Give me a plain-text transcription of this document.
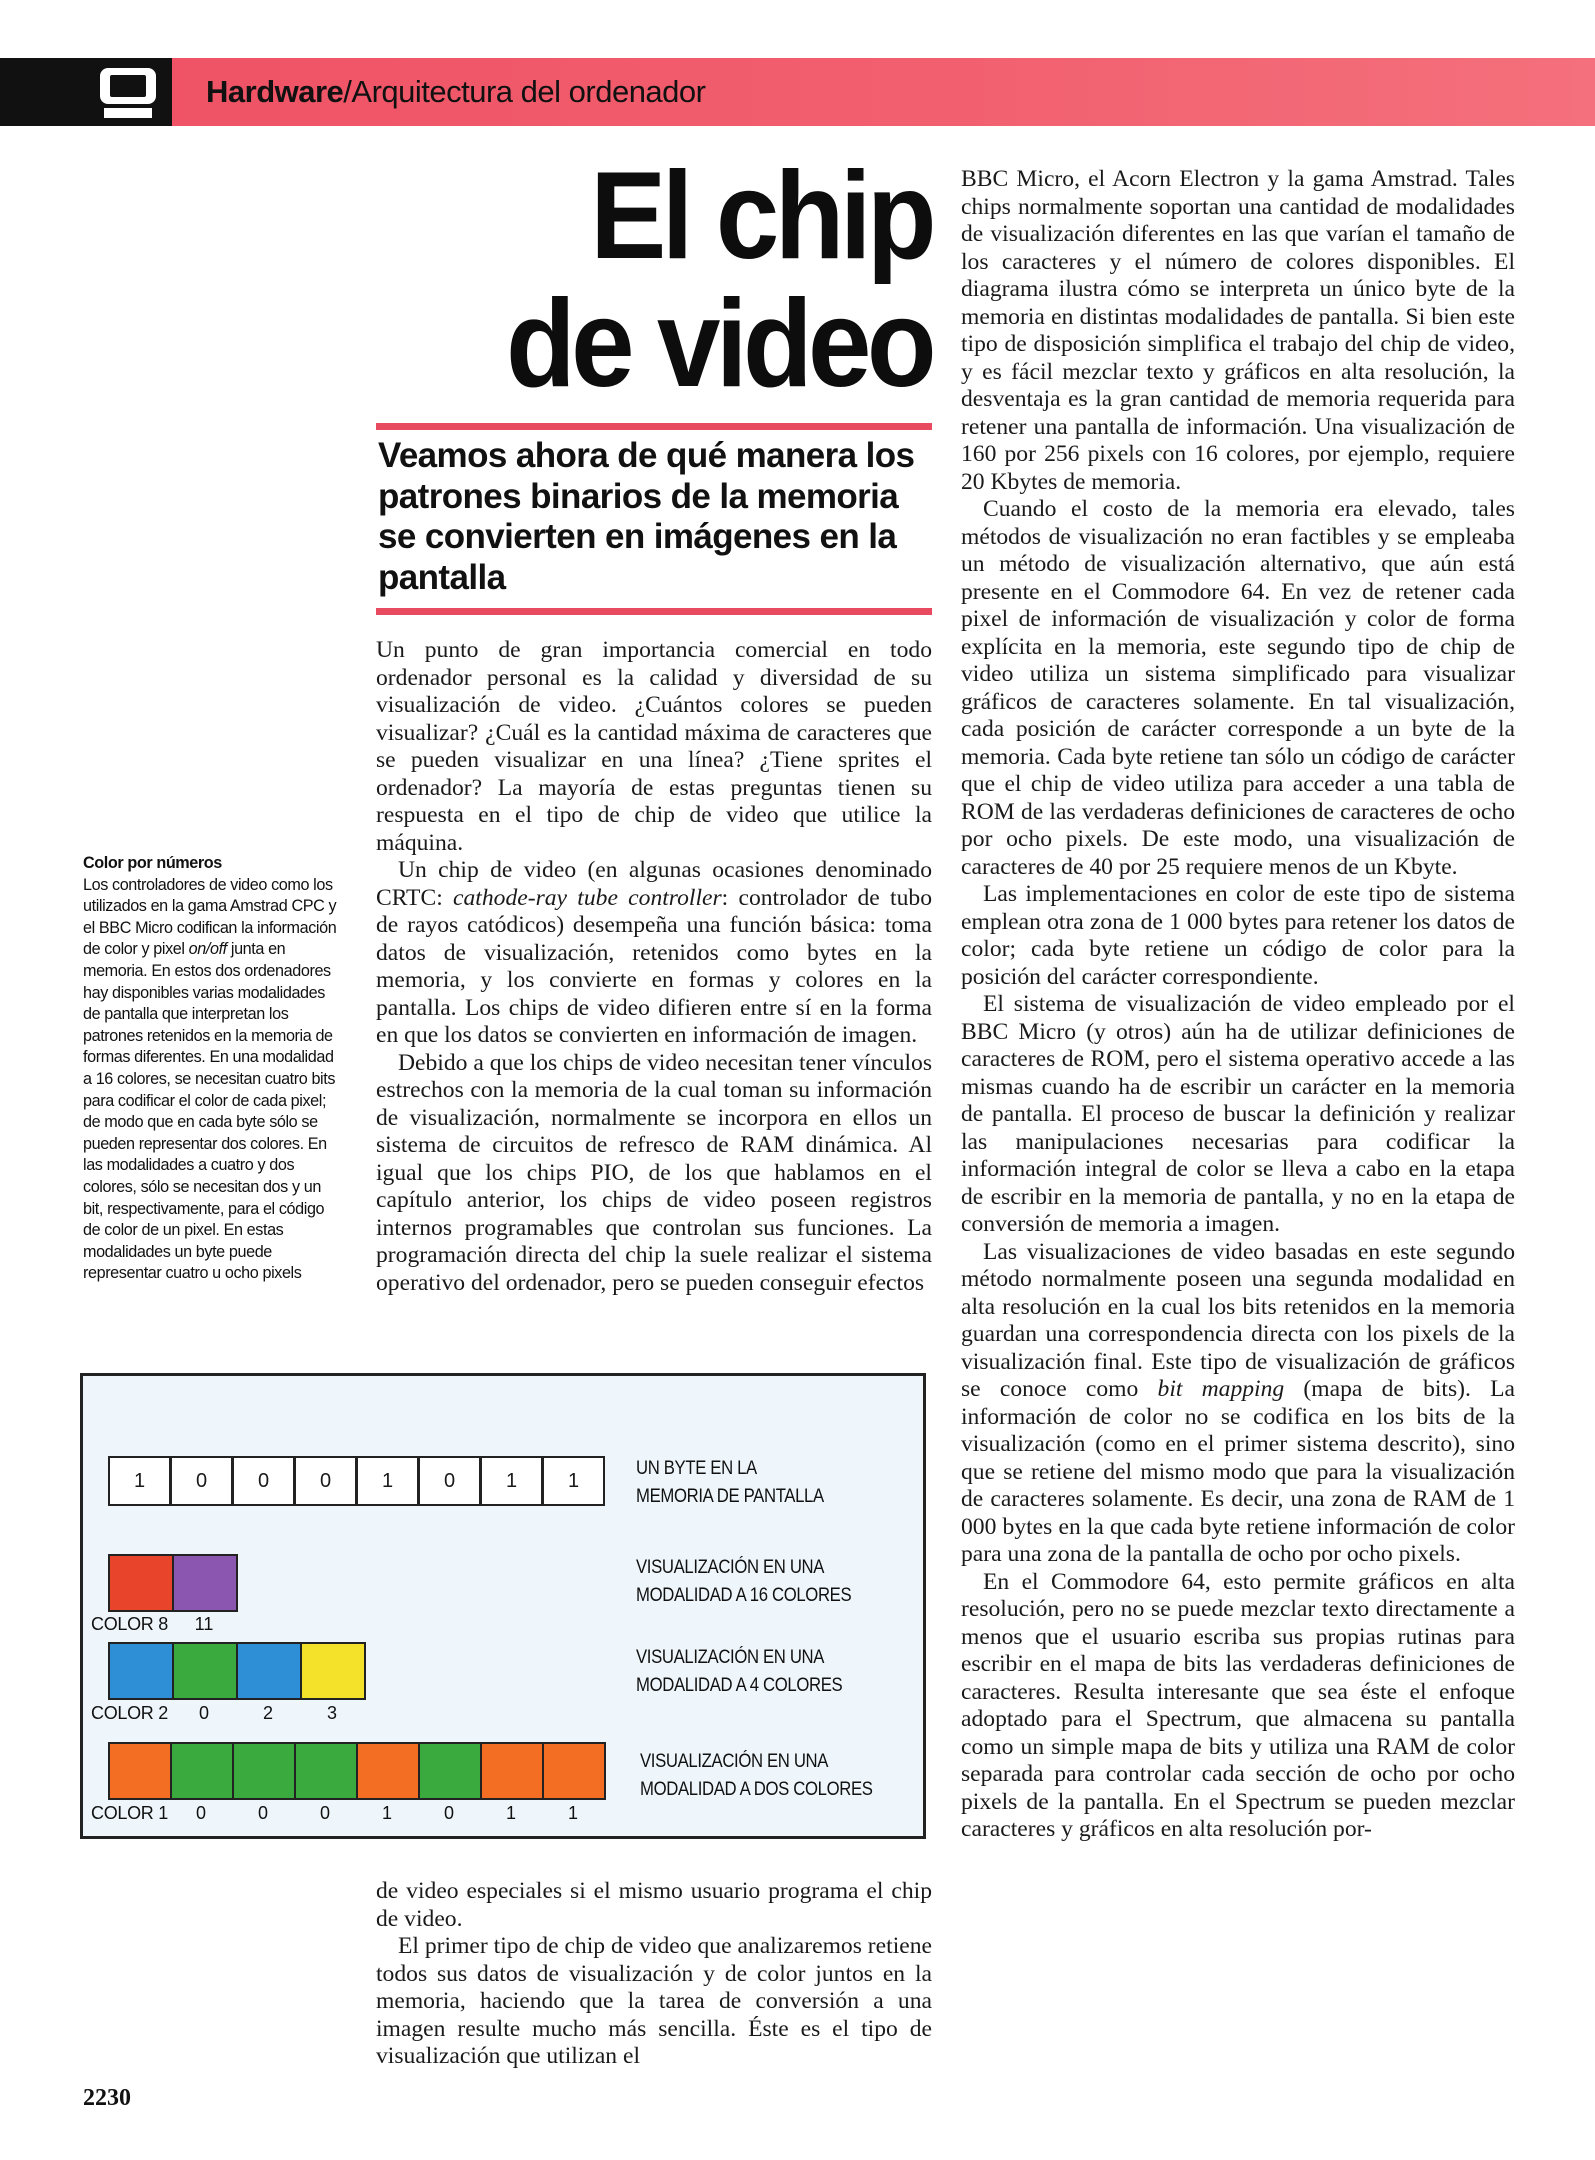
Hardware/Arquitectura del ordenador
El chip
de video
Veamos ahora de qué manera los patrones binarios de la memoria se convierten en imágenes en la pantalla

Un punto de gran importancia comercial en todo ordenador personal es la calidad y diversidad de su visualización de video. ¿Cuántos colores se pueden visualizar? ¿Cuál es la cantidad máxima de caracteres que se pueden visualizar en una línea? ¿Tiene sprites el ordenador? La mayoría de estas preguntas tienen su respuesta en el tipo de chip de video que utilice la máquina.

Un chip de video (en algunas ocasiones denominado CRTC: cathode-ray tube controller: controlador de tubo de rayos catódicos) desempeña una función básica: toma datos de visualización, retenidos como bytes en la memoria, y los convierte en formas y colores en la pantalla. Los chips de video difieren entre sí en la forma en que los datos se convierten en información de imagen.

Debido a que los chips de video necesitan tener vínculos estrechos con la memoria de la cual toman su información de visualización, normalmente se incorpora en ellos un sistema de circuitos de refresco de RAM dinámica. Al igual que los chips PIO, de los que hablamos en el capítulo anterior, los chips de video poseen registros internos programables que controlan sus funciones. La programación directa del chip la suele realizar el sistema operativo del ordenador, pero se pueden conseguir efectos

Color por números
Los controladores de video como los utilizados en la gama Amstrad CPC y el BBC Micro codifican la información de color y pixel on/off junta en memoria. En estos dos ordenadores hay disponibles varias modalidades de pantalla que interpretan los patrones retenidos en la memoria de formas diferentes. En una modalidad a 16 colores, se necesitan cuatro bits para codificar el color de cada pixel; de modo que en cada byte sólo se pueden representar dos colores. En las modalidades a cuatro y dos colores, sólo se necesitan dos y un bit, respectivamente, para el código de color de un pixel. En estas modalidades un byte puede representar cuatro u ocho pixels
1	0	0	0	1	0	1	1
UN BYTE EN LA
MEMORIA DE PANTALLA
COLOR 8	11
VISUALIZACIÓN EN UNA
MODALIDAD A 16 COLORES
COLOR 2	0	2	3
VISUALIZACIÓN EN UNA
MODALIDAD A 4 COLORES
COLOR 1	0	0	0	1	0	1	1
VISUALIZACIÓN EN UNA
MODALIDAD A DOS COLORES

de video especiales si el mismo usuario programa el chip de video.

El primer tipo de chip de video que analizaremos retiene todos sus datos de visualización y de color juntos en la memoria, haciendo que la tarea de conversión a una imagen resulte mucho más sencilla. Éste es el tipo de visualización que utilizan el

BBC Micro, el Acorn Electron y la gama Amstrad. Tales chips normalmente soportan una cantidad de modalidades de visualización diferentes en las que varían el tamaño de los caracteres y el número de colores disponibles. El diagrama ilustra cómo se interpreta un único byte de la memoria en distintas modalidades de pantalla. Si bien este tipo de disposición simplifica el trabajo del chip de video, y es fácil mezclar texto y gráficos en alta resolución, la desventaja es la gran cantidad de memoria requerida para retener una pantalla de información. Una visualización de 160 por 256 pixels con 16 colores, por ejemplo, requiere 20 Kbytes de memoria.

Cuando el costo de la memoria era elevado, tales métodos de visualización no eran factibles y se empleaba un método de visualización alternativo, que aún está presente en el Commodore 64. En vez de retener cada pixel de información de visualización y color de forma explícita en la memoria, este segundo tipo de chip de video utiliza un sistema simplificado para visualizar gráficos de caracteres solamente. En tal visualización, cada posición de carácter corresponde a un byte de la memoria. Cada byte retiene tan sólo un código de carácter que el chip de video utiliza para acceder a una tabla de ROM de las verdaderas definiciones de caracteres de ocho por ocho pixels. De este modo, una visualización de caracteres de 40 por 25 requiere menos de un Kbyte.

Las implementaciones en color de este tipo de sistema emplean otra zona de 1 000 bytes para retener los datos de color; cada byte retiene un código de color para la posición del carácter correspondiente.

El sistema de visualización de video empleado por el BBC Micro (y otros) aún ha de utilizar definiciones de caracteres de ROM, pero el sistema operativo accede a las mismas cuando ha de escribir un carácter en la memoria de pantalla. El proceso de buscar la definición y realizar las manipulaciones necesarias para codificar la información integral de color se lleva a cabo en la etapa de escribir en la memoria de pantalla, y no en la etapa de conversión de memoria a imagen.

Las visualizaciones de video basadas en este segundo método normalmente poseen una segunda modalidad en alta resolución en la cual los bits retenidos en la memoria guardan una correspondencia directa con los pixels de la visualización final. Este tipo de visualización de gráficos se conoce como bit mapping (mapa de bits). La información de color no se codifica en los bits de la visualización (como en el primer sistema descrito), sino que se retiene del mismo modo que para la visualización de caracteres solamente. Es decir, una zona de RAM de 1 000 bytes en la que cada byte retiene información de color para una zona de la pantalla de ocho por ocho pixels.

En el Commodore 64, esto permite gráficos en alta resolución, pero no se puede mezclar texto directamente a menos que el usuario escriba sus propias rutinas para escribir en el mapa de bits las verdaderas definiciones de caracteres. Resulta interesante que sea éste el enfoque adoptado para el Spectrum, que almacena su pantalla como un simple mapa de bits y utiliza una RAM de color separada para controlar cada sección de ocho por ocho pixels de la pantalla. En el Spectrum se pueden mezclar caracteres y gráficos en alta resolución por-

2230
